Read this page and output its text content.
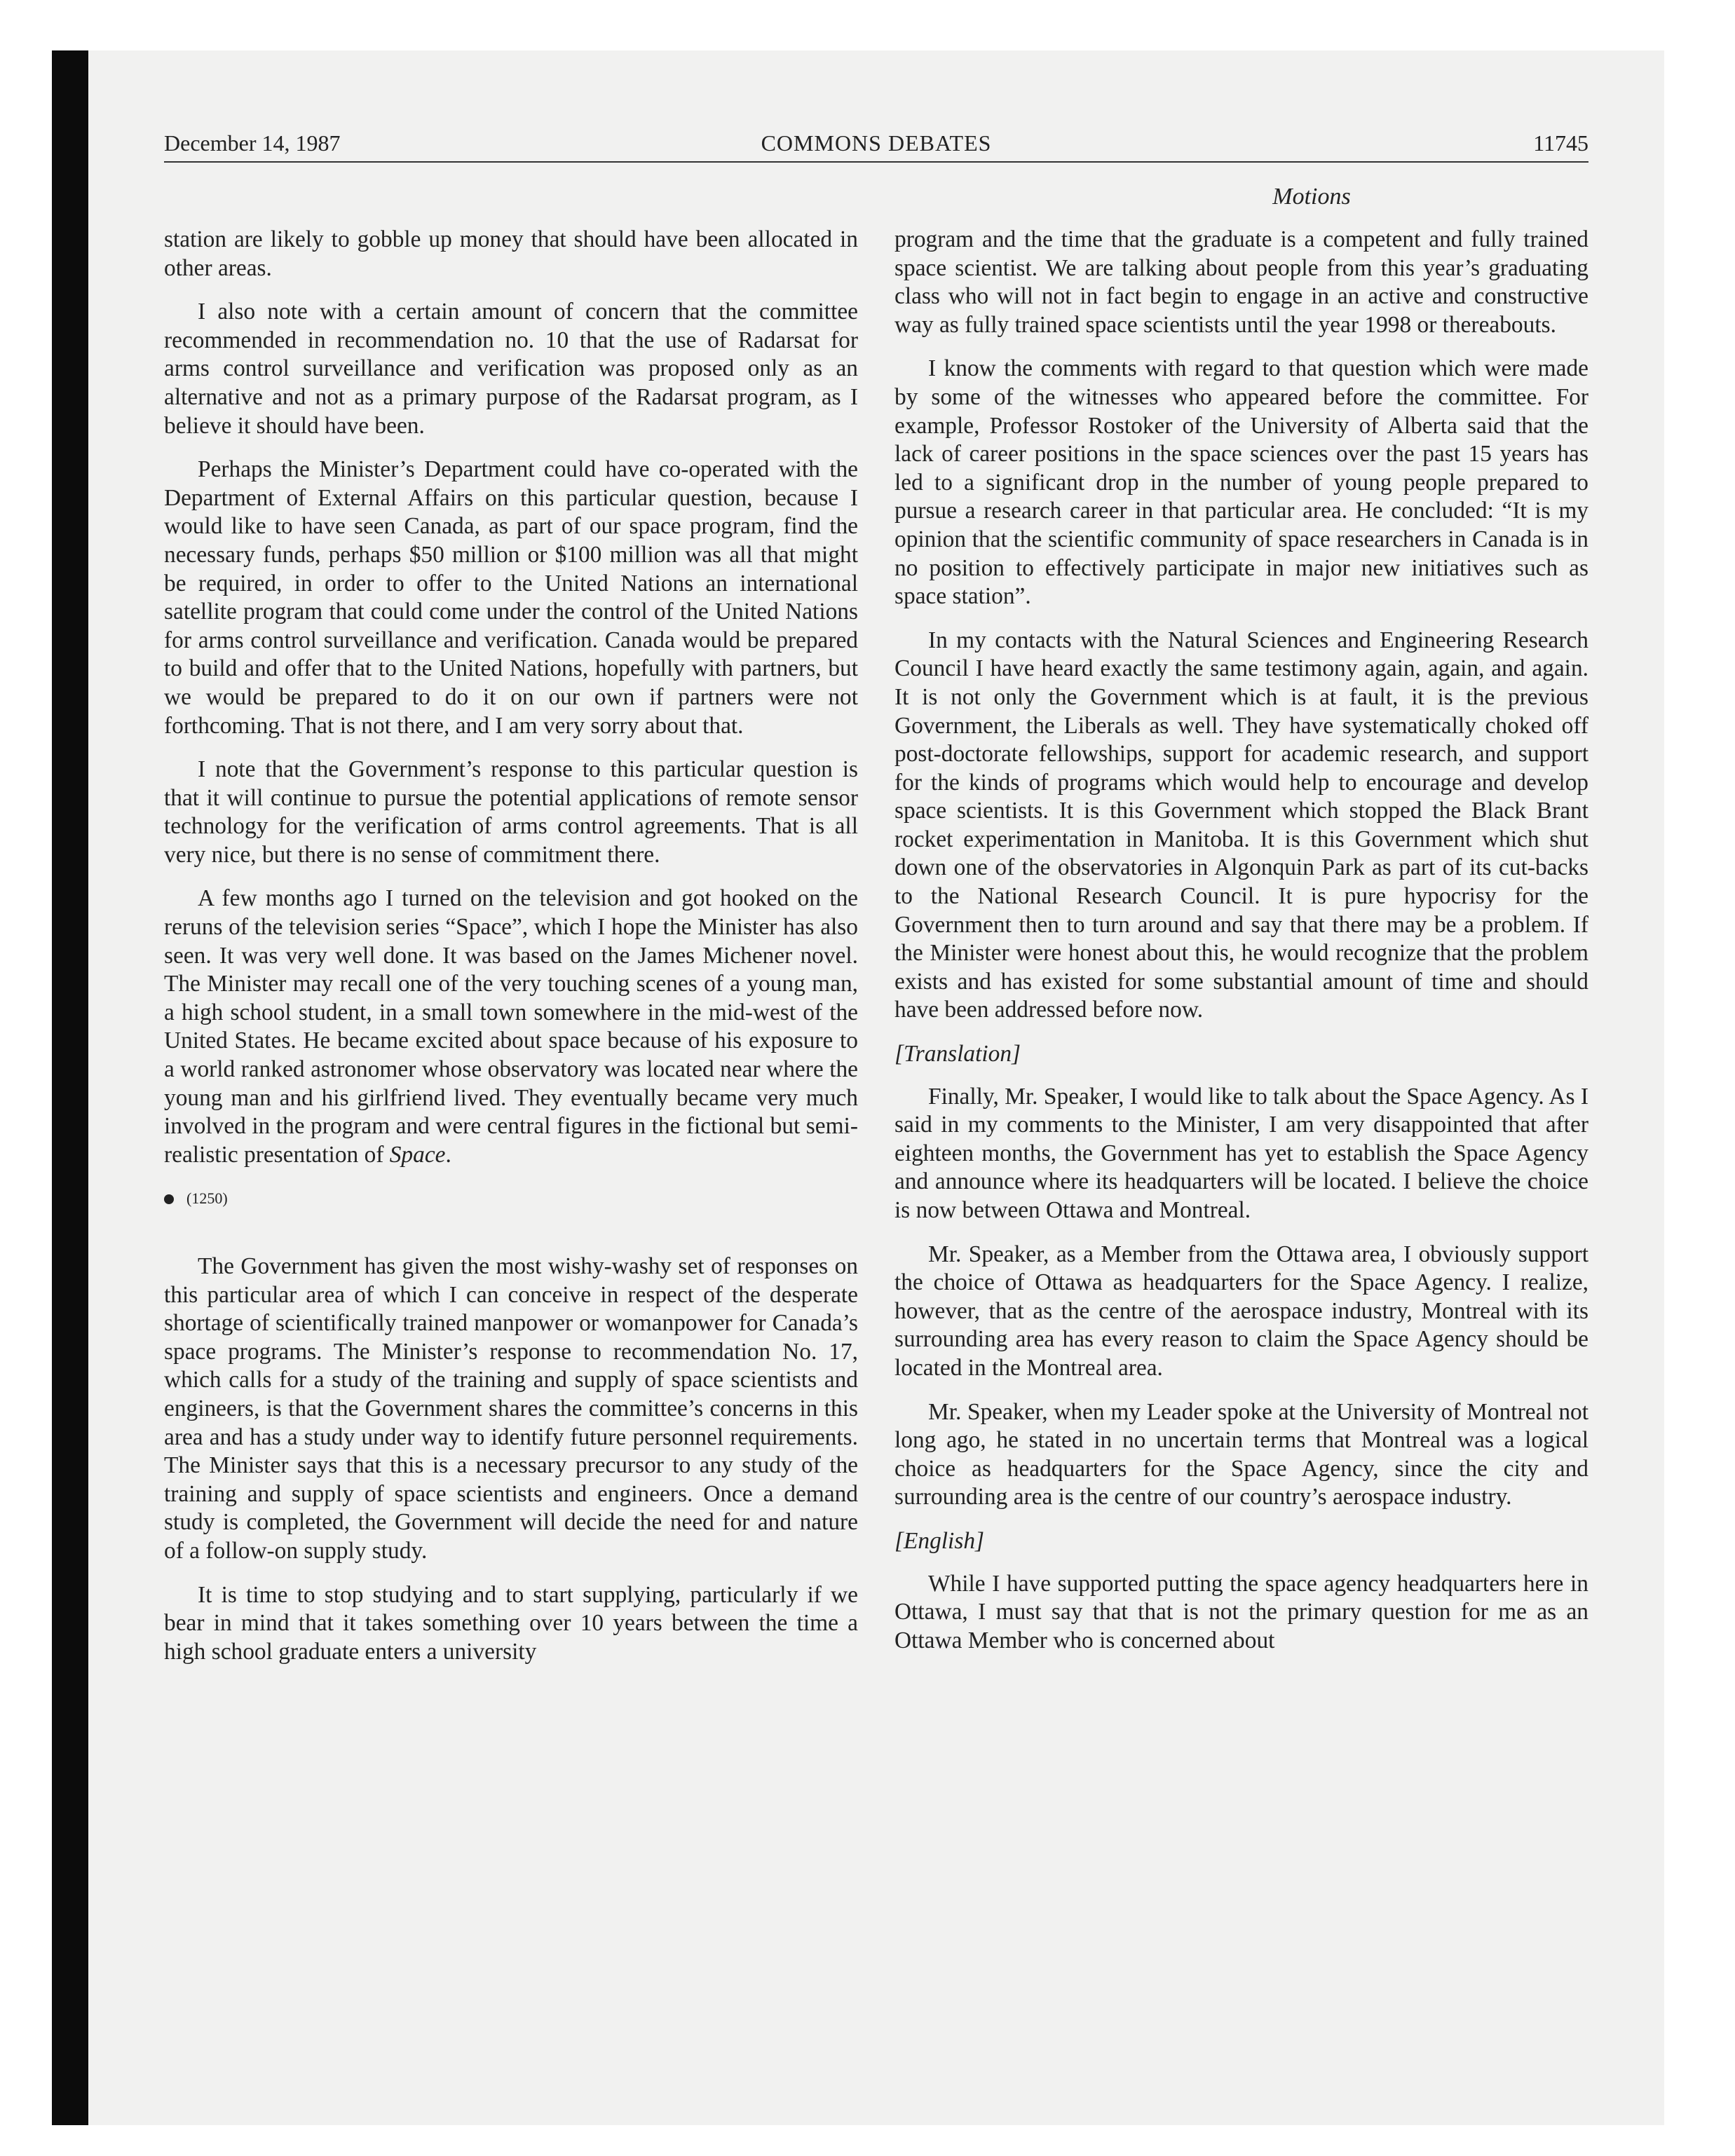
December 14, 1987	COMMONS DEBATES	11745
Motions

station are likely to gobble up money that should have been allocated in other areas.

I also note with a certain amount of concern that the committee recommended in recommendation no. 10 that the use of Radarsat for arms control surveillance and verification was proposed only as an alternative and not as a primary purpose of the Radarsat program, as I believe it should have been.

Perhaps the Minister’s Department could have co-operated with the Department of External Affairs on this particular question, because I would like to have seen Canada, as part of our space program, find the necessary funds, perhaps $50 million or $100 million was all that might be required, in order to offer to the United Nations an international satellite program that could come under the control of the United Nations for arms control surveillance and verification. Canada would be prepared to build and offer that to the United Nations, hopefully with partners, but we would be prepared to do it on our own if partners were not forthcoming. That is not there, and I am very sorry about that.

I note that the Government’s response to this particular question is that it will continue to pursue the potential applications of remote sensor technology for the verification of arms control agreements. That is all very nice, but there is no sense of commitment there.

A few months ago I turned on the television and got hooked on the reruns of the television series “Space”, which I hope the Minister has also seen. It was very well done. It was based on the James Michener novel. The Minister may recall one of the very touching scenes of a young man, a high school student, in a small town somewhere in the mid-west of the United States. He became excited about space because of his exposure to a world ranked astronomer whose observatory was located near where the young man and his girlfriend lived. They eventually became very much involved in the program and were central figures in the fictional but semi-realistic presentation of Space.

(1250)

The Government has given the most wishy-washy set of responses on this particular area of which I can conceive in respect of the desperate shortage of scientifically trained manpower or womanpower for Canada’s space programs. The Minister’s response to recommendation No. 17, which calls for a study of the training and supply of space scientists and engineers, is that the Government shares the committee’s concerns in this area and has a study under way to identify future personnel requirements. The Minister says that this is a necessary precursor to any study of the training and supply of space scientists and engineers. Once a demand study is completed, the Government will decide the need for and nature of a follow-on supply study.

It is time to stop studying and to start supplying, particularly if we bear in mind that it takes something over 10 years between the time a high school graduate enters a university

program and the time that the graduate is a competent and fully trained space scientist. We are talking about people from this year’s graduating class who will not in fact begin to engage in an active and constructive way as fully trained space scientists until the year 1998 or thereabouts.

I know the comments with regard to that question which were made by some of the witnesses who appeared before the committee. For example, Professor Rostoker of the University of Alberta said that the lack of career positions in the space sciences over the past 15 years has led to a significant drop in the number of young people prepared to pursue a research career in that particular area. He concluded: “It is my opinion that the scientific community of space researchers in Canada is in no position to effectively participate in major new initiatives such as space station”.

In my contacts with the Natural Sciences and Engineering Research Council I have heard exactly the same testimony again, again, and again. It is not only the Government which is at fault, it is the previous Government, the Liberals as well. They have systematically choked off post-doctorate fellowships, support for academic research, and support for the kinds of programs which would help to encourage and develop space scientists. It is this Government which stopped the Black Brant rocket experimentation in Manitoba. It is this Government which shut down one of the observatories in Algonquin Park as part of its cut-backs to the National Research Council. It is pure hypocrisy for the Government then to turn around and say that there may be a problem. If the Minister were honest about this, he would recognize that the problem exists and has existed for some substantial amount of time and should have been addressed before now.

[Translation]

Finally, Mr. Speaker, I would like to talk about the Space Agency. As I said in my comments to the Minister, I am very disappointed that after eighteen months, the Government has yet to establish the Space Agency and announce where its headquarters will be located. I believe the choice is now between Ottawa and Montreal.

Mr. Speaker, as a Member from the Ottawa area, I obviously support the choice of Ottawa as headquarters for the Space Agency. I realize, however, that as the centre of the aerospace industry, Montreal with its surrounding area has every reason to claim the Space Agency should be located in the Montreal area.

Mr. Speaker, when my Leader spoke at the University of Montreal not long ago, he stated in no uncertain terms that Montreal was a logical choice as headquarters for the Space Agency, since the city and surrounding area is the centre of our country’s aerospace industry.

[English]

While I have supported putting the space agency headquarters here in Ottawa, I must say that that is not the primary question for me as an Ottawa Member who is concerned about
